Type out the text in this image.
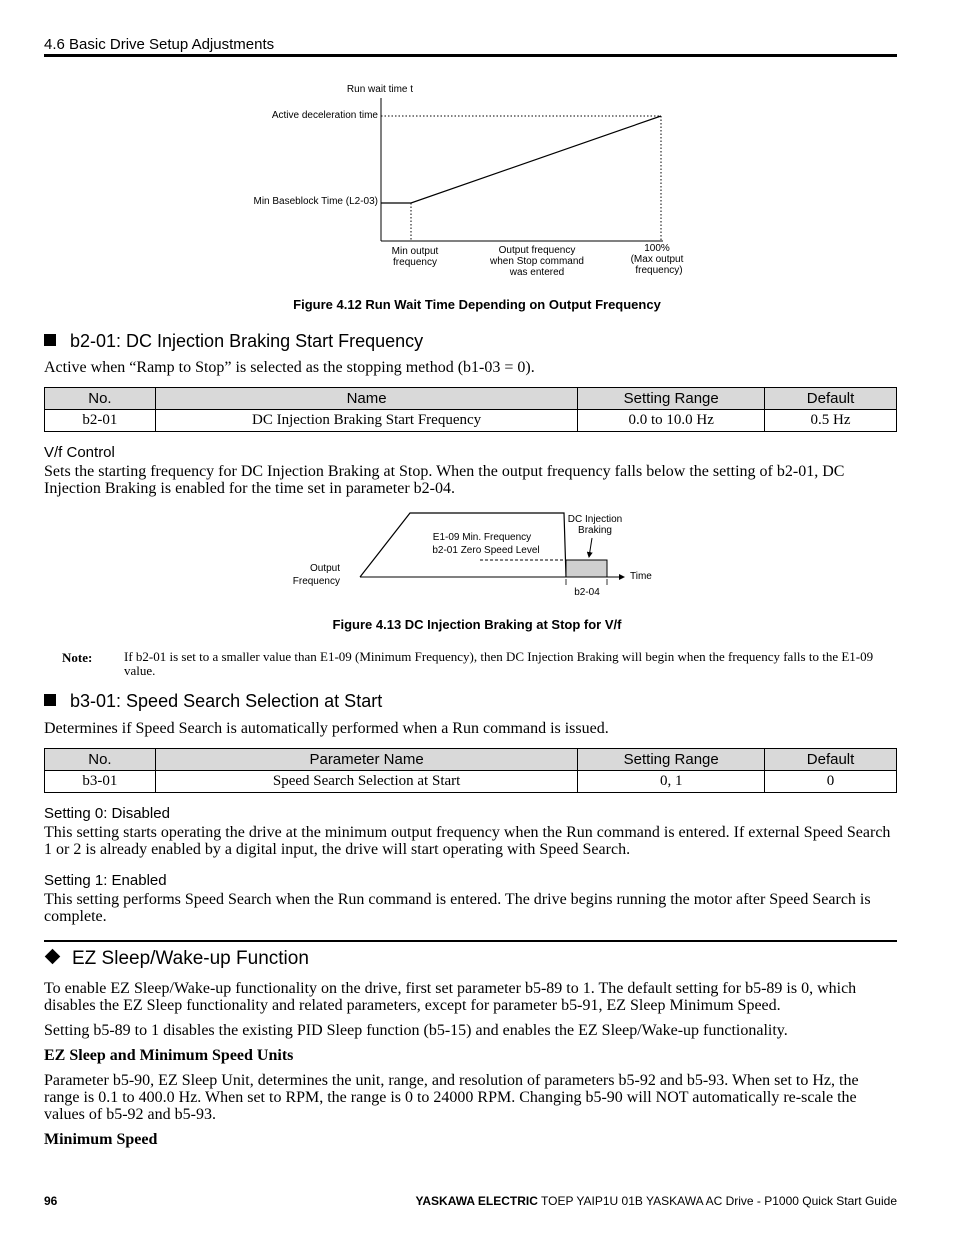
4.6 Basic Drive Setup Adjustments
Run wait time t
Active deceleration time
Min Baseblock Time (L2-03)
Min output
frequency
Output frequency
when Stop command
was entered
100%
(Max output
frequency)
Figure 4.12 Run Wait Time Depending on Output Frequency
b2-01: DC Injection Braking Start Frequency
Active when “Ramp to Stop” is selected as the stopping method (b1-03 = 0).
No.	Name	Setting Range	Default
b2-01	DC Injection Braking Start Frequency	0.0 to 10.0 Hz	0.5 Hz
V/f Control
Sets the starting frequency for DC Injection Braking at Stop. When the output frequency falls below the setting of b2-01, DC Injection Braking is enabled for the time set in parameter b2-04.
Output
Frequency
E1-09 Min. Frequency
b2-01 Zero Speed Level
DC Injection
Braking
Time
b2-04
Figure 4.13 DC Injection Braking at Stop for V/f
Note: If b2-01 is set to a smaller value than E1-09 (Minimum Frequency), then DC Injection Braking will begin when the frequency falls to the E1-09 value.
b3-01: Speed Search Selection at Start
Determines if Speed Search is automatically performed when a Run command is issued.
No.	Parameter Name	Setting Range	Default
b3-01	Speed Search Selection at Start	0, 1	0
Setting 0: Disabled
This setting starts operating the drive at the minimum output frequency when the Run command is entered. If external Speed Search 1 or 2 is already enabled by a digital input, the drive will start operating with Speed Search.
Setting 1: Enabled
This setting performs Speed Search when the Run command is entered. The drive begins running the motor after Speed Search is complete.
EZ Sleep/Wake-up Function
To enable EZ Sleep/Wake-up functionality on the drive, first set parameter b5-89 to 1. The default setting for b5-89 is 0, which disables the EZ Sleep functionality and related parameters, except for parameter b5-91, EZ Sleep Minimum Speed.
Setting b5-89 to 1 disables the existing PID Sleep function (b5-15) and enables the EZ Sleep/Wake-up functionality.
EZ Sleep and Minimum Speed Units
Parameter b5-90, EZ Sleep Unit, determines the unit, range, and resolution of parameters b5-92 and b5-93. When set to Hz, the range is 0.1 to 400.0 Hz. When set to RPM, the range is 0 to 24000 RPM. Changing b5-90 will NOT automatically re-scale the values of b5-92 and b5-93.
Minimum Speed
96	YASKAWA ELECTRIC TOEP YAIP1U 01B YASKAWA AC Drive - P1000 Quick Start Guide
